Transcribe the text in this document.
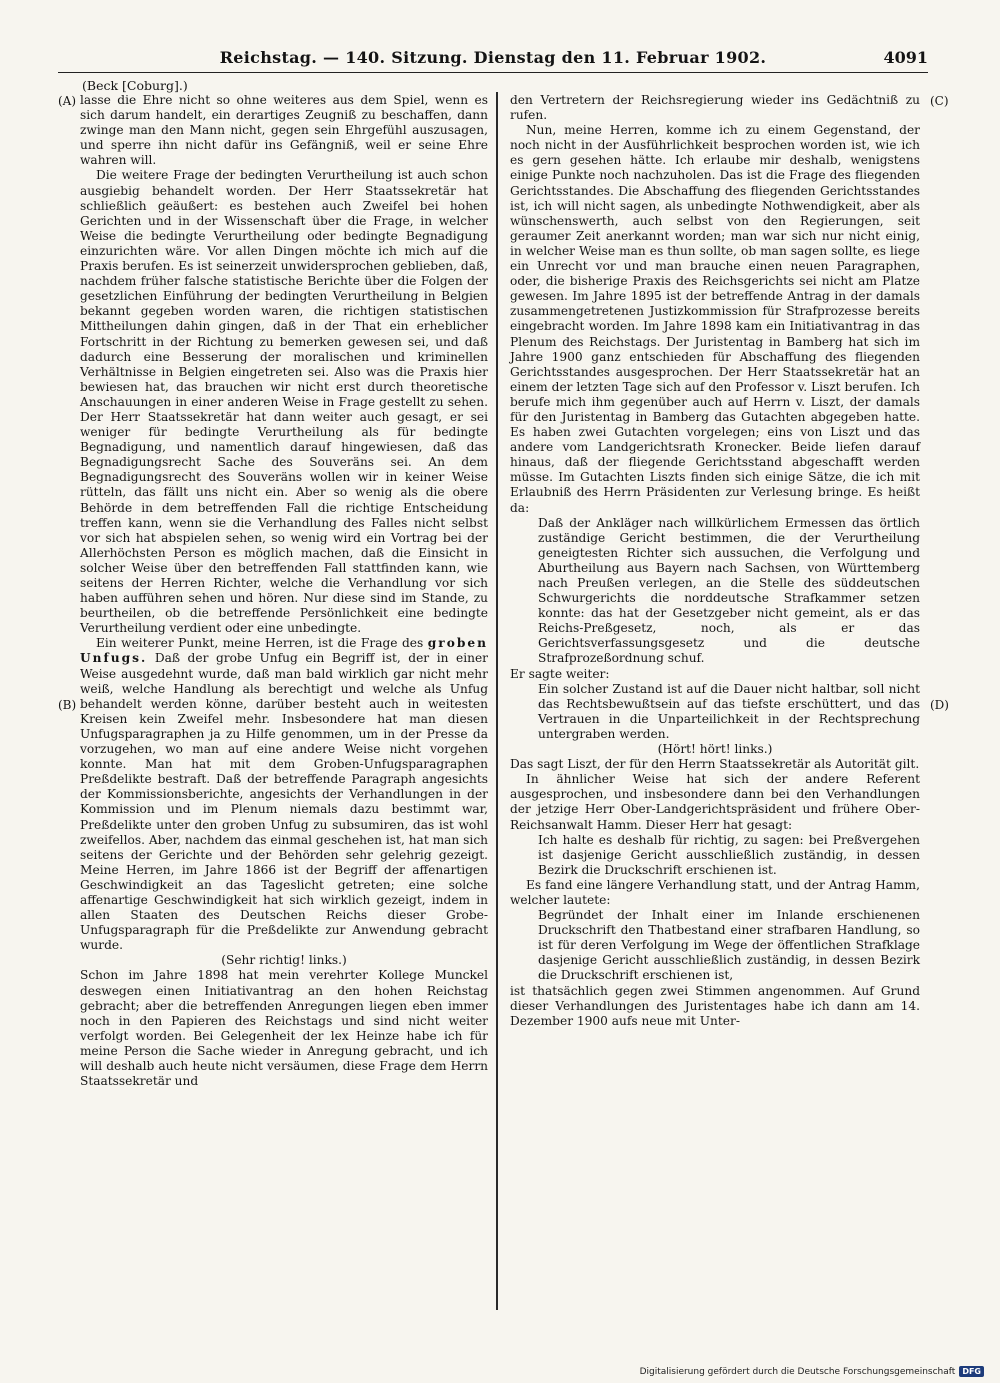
Reichstag. — 140. Sitzung. Dienstag den 11. Februar 1902.	4091
(Beck [Coburg].)
(A)
(B)
(C)
(D)

lasse die Ehre nicht so ohne weiteres aus dem Spiel, wenn es sich darum handelt, ein derartiges Zeugniß zu beschaffen, dann zwinge man den Mann nicht, gegen sein Ehrgefühl auszusagen, und sperre ihn nicht dafür ins Gefängniß, weil er seine Ehre wahren will.

Die weitere Frage der bedingten Verurtheilung ist auch schon ausgiebig behandelt worden. Der Herr Staatssekretär hat schließlich geäußert: es bestehen auch Zweifel bei hohen Gerichten und in der Wissenschaft über die Frage, in welcher Weise die bedingte Verurtheilung oder bedingte Begnadigung einzurichten wäre. Vor allen Dingen möchte ich mich auf die Praxis berufen. Es ist seinerzeit unwidersprochen geblieben, daß, nachdem früher falsche statistische Berichte über die Folgen der gesetzlichen Einführung der bedingten Verurtheilung in Belgien bekannt gegeben worden waren, die richtigen statistischen Mittheilungen dahin gingen, daß in der That ein erheblicher Fortschritt in der Richtung zu bemerken gewesen sei, und daß dadurch eine Besserung der moralischen und kriminellen Verhältnisse in Belgien eingetreten sei. Also was die Praxis hier bewiesen hat, das brauchen wir nicht erst durch theoretische Anschauungen in einer anderen Weise in Frage gestellt zu sehen. Der Herr Staatssekretär hat dann weiter auch gesagt, er sei weniger für bedingte Verurtheilung als für bedingte Begnadigung, und namentlich darauf hingewiesen, daß das Begnadigungsrecht Sache des Souveräns sei. An dem Begnadigungsrecht des Souveräns wollen wir in keiner Weise rütteln, das fällt uns nicht ein. Aber so wenig als die obere Behörde in dem betreffenden Fall die richtige Entscheidung treffen kann, wenn sie die Verhandlung des Falles nicht selbst vor sich hat abspielen sehen, so wenig wird ein Vortrag bei der Allerhöchsten Person es möglich machen, daß die Einsicht in solcher Weise über den betreffenden Fall stattfinden kann, wie seitens der Herren Richter, welche die Verhandlung vor sich haben aufführen sehen und hören. Nur diese sind im Stande, zu beurtheilen, ob die betreffende Persönlichkeit eine bedingte Verurtheilung verdient oder eine unbedingte.

Ein weiterer Punkt, meine Herren, ist die Frage des groben Unfugs. Daß der grobe Unfug ein Begriff ist, der in einer Weise ausgedehnt wurde, daß man bald wirklich gar nicht mehr weiß, welche Handlung als berechtigt und welche als Unfug behandelt werden könne, darüber besteht auch in weitesten Kreisen kein Zweifel mehr. Insbesondere hat man diesen Unfugsparagraphen ja zu Hilfe genommen, um in der Presse da vorzugehen, wo man auf eine andere Weise nicht vorgehen konnte. Man hat mit dem Groben-Unfugsparagraphen Preßdelikte bestraft. Daß der betreffende Paragraph angesichts der Kommissionsberichte, angesichts der Verhandlungen in der Kommission und im Plenum niemals dazu bestimmt war, Preßdelikte unter den groben Unfug zu subsumiren, das ist wohl zweifellos. Aber, nachdem das einmal geschehen ist, hat man sich seitens der Gerichte und der Behörden sehr gelehrig gezeigt. Meine Herren, im Jahre 1866 ist der Begriff der affenartigen Geschwindigkeit an das Tageslicht getreten; eine solche affenartige Geschwindigkeit hat sich wirklich gezeigt, indem in allen Staaten des Deutschen Reichs dieser Grobe-Unfugsparagraph für die Preßdelikte zur Anwendung gebracht wurde.

(Sehr richtig! links.)

Schon im Jahre 1898 hat mein verehrter Kollege Munckel deswegen einen Initiativantrag an den hohen Reichstag gebracht; aber die betreffenden Anregungen liegen eben immer noch in den Papieren des Reichstags und sind nicht weiter verfolgt worden. Bei Gelegenheit der lex Heinze habe ich für meine Person die Sache wieder in Anregung gebracht, und ich will deshalb auch heute nicht versäumen, diese Frage dem Herrn Staatssekretär und

den Vertretern der Reichsregierung wieder ins Gedächtniß zu rufen.

Nun, meine Herren, komme ich zu einem Gegenstand, der noch nicht in der Ausführlichkeit besprochen worden ist, wie ich es gern gesehen hätte. Ich erlaube mir deshalb, wenigstens einige Punkte noch nachzuholen. Das ist die Frage des fliegenden Gerichtsstandes. Die Abschaffung des fliegenden Gerichtsstandes ist, ich will nicht sagen, als unbedingte Nothwendigkeit, aber als wünschenswerth, auch selbst von den Regierungen, seit geraumer Zeit anerkannt worden; man war sich nur nicht einig, in welcher Weise man es thun sollte, ob man sagen sollte, es liege ein Unrecht vor und man brauche einen neuen Paragraphen, oder, die bisherige Praxis des Reichsgerichts sei nicht am Platze gewesen. Im Jahre 1895 ist der betreffende Antrag in der damals zusammengetretenen Justizkommission für Strafprozesse bereits eingebracht worden. Im Jahre 1898 kam ein Initiativantrag in das Plenum des Reichstags. Der Juristentag in Bamberg hat sich im Jahre 1900 ganz entschieden für Abschaffung des fliegenden Gerichtsstandes ausgesprochen. Der Herr Staatssekretär hat an einem der letzten Tage sich auf den Professor v. Liszt berufen. Ich berufe mich ihm gegenüber auch auf Herrn v. Liszt, der damals für den Juristentag in Bamberg das Gutachten abgegeben hatte. Es haben zwei Gutachten vorgelegen; eins von Liszt und das andere vom Landgerichtsrath Kronecker. Beide liefen darauf hinaus, daß der fliegende Gerichtsstand abgeschafft werden müsse. Im Gutachten Liszts finden sich einige Sätze, die ich mit Erlaubniß des Herrn Präsidenten zur Verlesung bringe. Es heißt da:

Daß der Ankläger nach willkürlichem Ermessen das örtlich zuständige Gericht bestimmen, die der Verurtheilung geneigtesten Richter sich aussuchen, die Verfolgung und Aburtheilung aus Bayern nach Sachsen, von Württemberg nach Preußen verlegen, an die Stelle des süddeutschen Schwurgerichts die norddeutsche Strafkammer setzen konnte: das hat der Gesetzgeber nicht gemeint, als er das Reichs-Preßgesetz, noch, als er das Gerichtsverfassungsgesetz und die deutsche Strafprozeßordnung schuf.

Er sagte weiter:

Ein solcher Zustand ist auf die Dauer nicht haltbar, soll nicht das Rechtsbewußtsein auf das tiefste erschüttert, und das Vertrauen in die Unparteilichkeit in der Rechtsprechung untergraben werden.

(Hört! hört! links.)

Das sagt Liszt, der für den Herrn Staatssekretär als Autorität gilt.

In ähnlicher Weise hat sich der andere Referent ausgesprochen, und insbesondere dann bei den Verhandlungen der jetzige Herr Ober-Landgerichtspräsident und frühere Ober-Reichsanwalt Hamm. Dieser Herr hat gesagt:

Ich halte es deshalb für richtig, zu sagen: bei Preßvergehen ist dasjenige Gericht ausschließlich zuständig, in dessen Bezirk die Druckschrift erschienen ist.

Es fand eine längere Verhandlung statt, und der Antrag Hamm, welcher lautete:

Begründet der Inhalt einer im Inlande erschienenen Druckschrift den Thatbestand einer strafbaren Handlung, so ist für deren Verfolgung im Wege der öffentlichen Strafklage dasjenige Gericht ausschließlich zuständig, in dessen Bezirk die Druckschrift erschienen ist,

ist thatsächlich gegen zwei Stimmen angenommen. Auf Grund dieser Verhandlungen des Juristentages habe ich dann am 14. Dezember 1900 aufs neue mit Unter-

Digitalisierung gefördert durch die Deutsche Forschungsgemeinschaft DFG
